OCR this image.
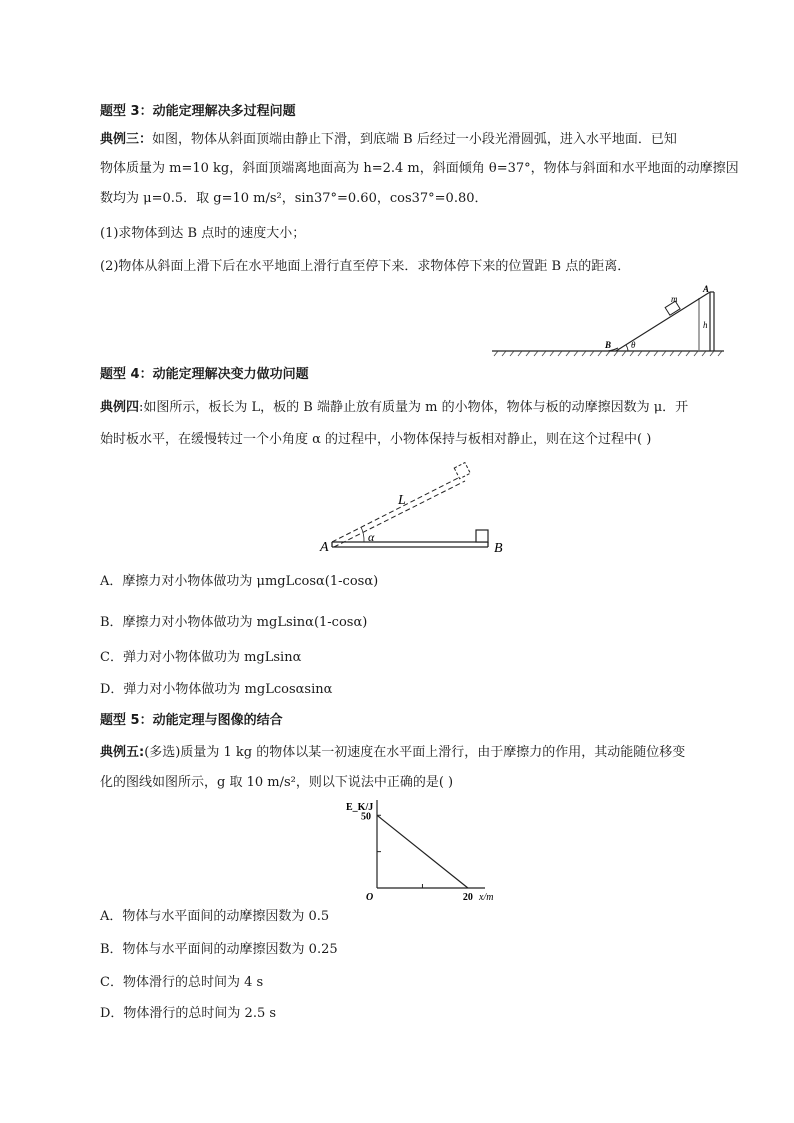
题型 3：动能定理解决多过程问题
典例三：如图，物体从斜面顶端由静止下滑，到底端 B 后经过一小段光滑圆弧，进入水平地面．已知
物体质量为 m=10 kg，斜面顶端离地面高为 h=2.4 m，斜面倾角 θ=37°，物体与斜面和水平地面的动摩擦因
数均为 μ=0.5．取 g=10 m/s²，sin37°=0.60，cos37°=0.80．
(1)求物体到达 B 点时的速度大小；
(2)物体从斜面上滑下后在水平地面上滑行直至停下来．求物体停下来的位置距 B 点的距离．
m
A
h
B θ
题型 4：动能定理解决变力做功问题
典例四:如图所示，板长为 L，板的 B 端静止放有质量为 m 的小物体，物体与板的动摩擦因数为 μ．开
始时板水平，在缓慢转过一个小角度 α 的过程中，小物体保持与板相对静止，则在这个过程中( )
A
α
L
B
A．摩擦力对小物体做功为 μmgLcosα(1-cosα)
B．摩擦力对小物体做功为 mgLsinα(1-cosα)
C．弹力对小物体做功为 mgLsinα
D．弹力对小物体做功为 mgLcosαsinα
题型 5：动能定理与图像的结合
典例五:(多选)质量为 1 kg 的物体以某一初速度在水平面上滑行，由于摩擦力的作用，其动能随位移变
化的图线如图所示，g 取 10 m/s²，则以下说法中正确的是( )
E_K/J
x/m
O
50
20
A．物体与水平面间的动摩擦因数为 0.5
B．物体与水平面间的动摩擦因数为 0.25
C．物体滑行的总时间为 4 s
D．物体滑行的总时间为 2.5 s
